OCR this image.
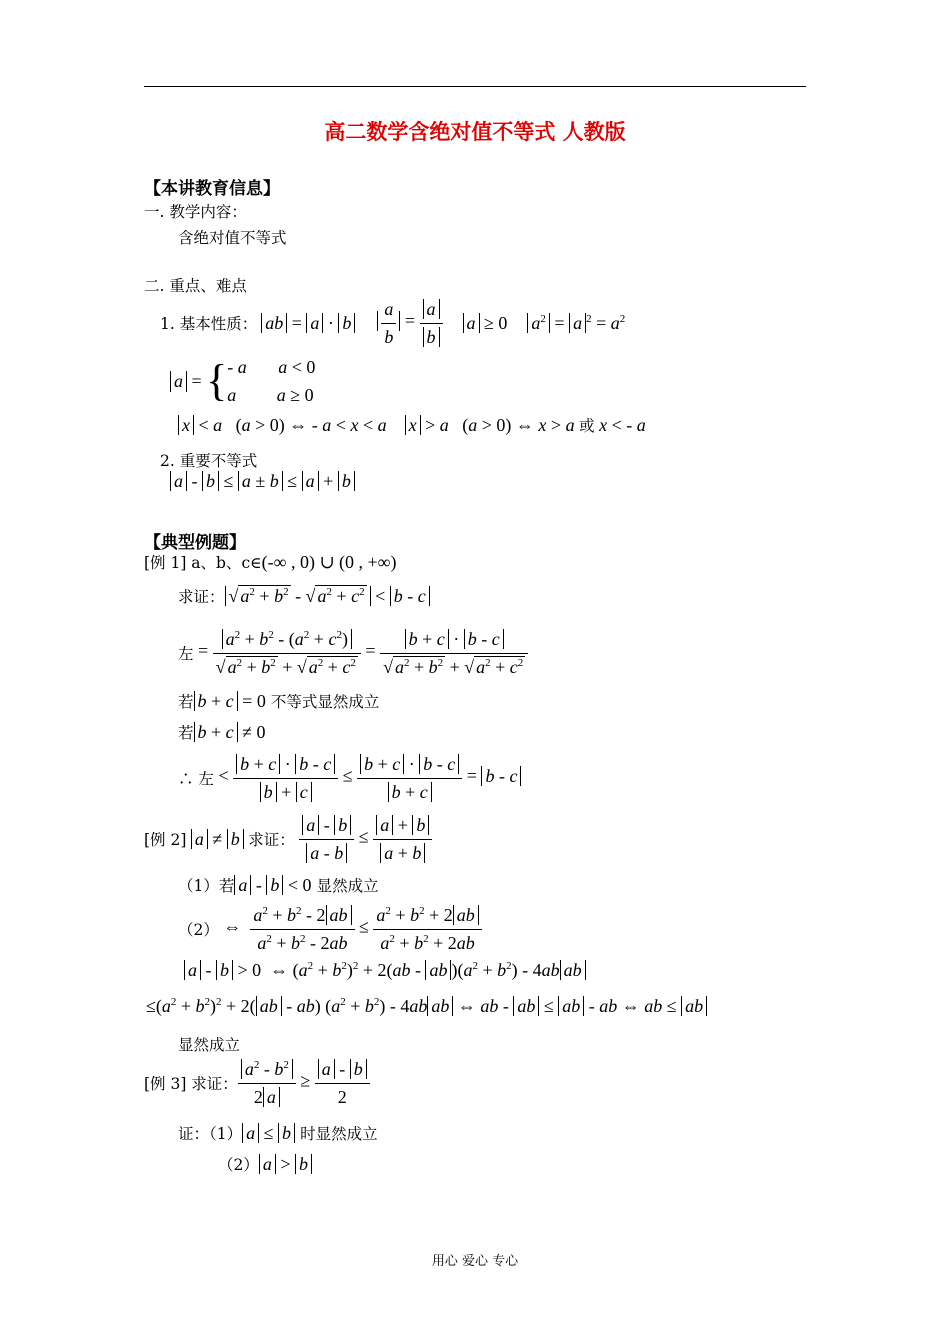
高二数学含绝对值不等式 人教版
【本讲教育信息】
一. 教学内容：
含绝对值不等式
二. 重点、难点
1. 基本性质： ab = a · b $\frac{a}{b} = \frac{a}{b}$ a ≥ 0 $a^2 = a$ $^2 = a^2$
a = { - a a < 0
a a ≥ 0
x < a   (a > 0) ⇔ - a < x < a x > a   (a > 0) ⇔ x > a 或 x < - a
2. 重要不等式
a - b ≤ a ± b ≤ a + b
【典型例题】
[例 1] a、b、c∈(-∞ , 0) ∪ (0 , +∞)
求证： √ $a^2 + b^2$ - √ $a^2 + c^2 < b - c$
左 = $\frac{a^2 + b^2 - (a^2 + c^2)}{√ a^2 + b^2 + √ a^2 + c^2} = \frac{b + c \cdot b - c}{√ a^2 + b^2 + √ a^2 + c^2}$
若 b + c = 0 不等式显然成立
若 b + c ≠ 0
∴ 左 < $\frac{b + c \cdot b - c}{b + c} \le \frac{b + c \cdot b - c}{b + c} = b - c$
[例 2] a ≠ b 求证：
$\frac{a - b}{a - b} \le \frac{a + b}{a + b}$
（1）若 a - b < 0 显然成立
（2） ⇔ $\frac{a^2 + b^2 - 2 ab}{a^2 + b^2 - 2ab} \le \frac{a^2 + b^2 + 2 ab}{a^2 + b^2 + 2ab}$
a - b > 0  ⇔ $(a^2 + b^2)^2 + 2(ab$ - ab )$(a^2 + b^2) - 4ab$ ab
$\le(a^2 + b^2)^2 + 2$( ab - ab) $(a^2 + b^2) - 4ab$ ab ⇔ ab - ab ≤ ab - ab ⇔ ab ≤ ab
显然成立
[例 3] 求证： $\frac{a^2 - b^2}{2 a} \ge \frac{a - b}{2}$
证：（1） a ≤ b 时显然成立
（2） a > b
用心 爱心 专心
